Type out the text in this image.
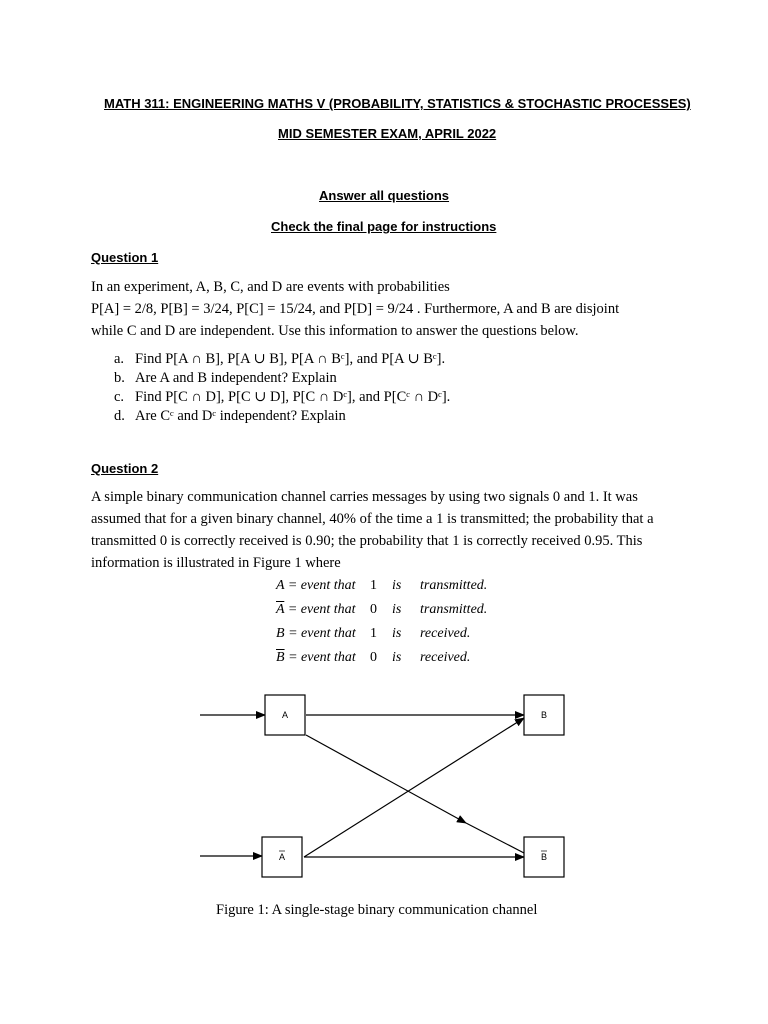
MATH 311: ENGINEERING MATHS V (PROBABILITY, STATISTICS & STOCHASTIC PROCESSES)

MID SEMESTER EXAM, APRIL 2022

Answer all questions

Check the final page for instructions

Question 1

In an experiment, A, B, C, and D are events with probabilities

P[A] = 2/8, P[B] = 3/24, P[C] = 15/24, and P[D] = 9/24 . Furthermore, A and B are disjoint

while C and D are independent. Use this information to answer the questions below.

a. Find P[A ∩ B], P[A ∪ B], P[A ∩ Bᶜ], and P[A ∪ Bᶜ].
b. Are A and B independent? Explain
c. Find P[C ∩ D], P[C ∪ D], P[C ∩ Dᶜ], and P[Cᶜ ∩ Dᶜ].
d. Are Cᶜ and Dᶜ independent? Explain

Question 2

A simple binary communication channel carries messages by using two signals 0 and 1. It was

assumed that for a given binary channel, 40% of the time a 1 is transmitted; the probability that a

transmitted 0 is correctly received is 0.90; the probability that 1 is correctly received 0.95. This

information is illustrated in Figure 1 where

A = event that 1 is transmitted.
$\overline{A}$ = event that 0 is transmitted.
B = event that 1 is received.
$\overline{B}$ = event that 0 is received.
A
A
B
B

Figure 1: A single-stage binary communication channel
